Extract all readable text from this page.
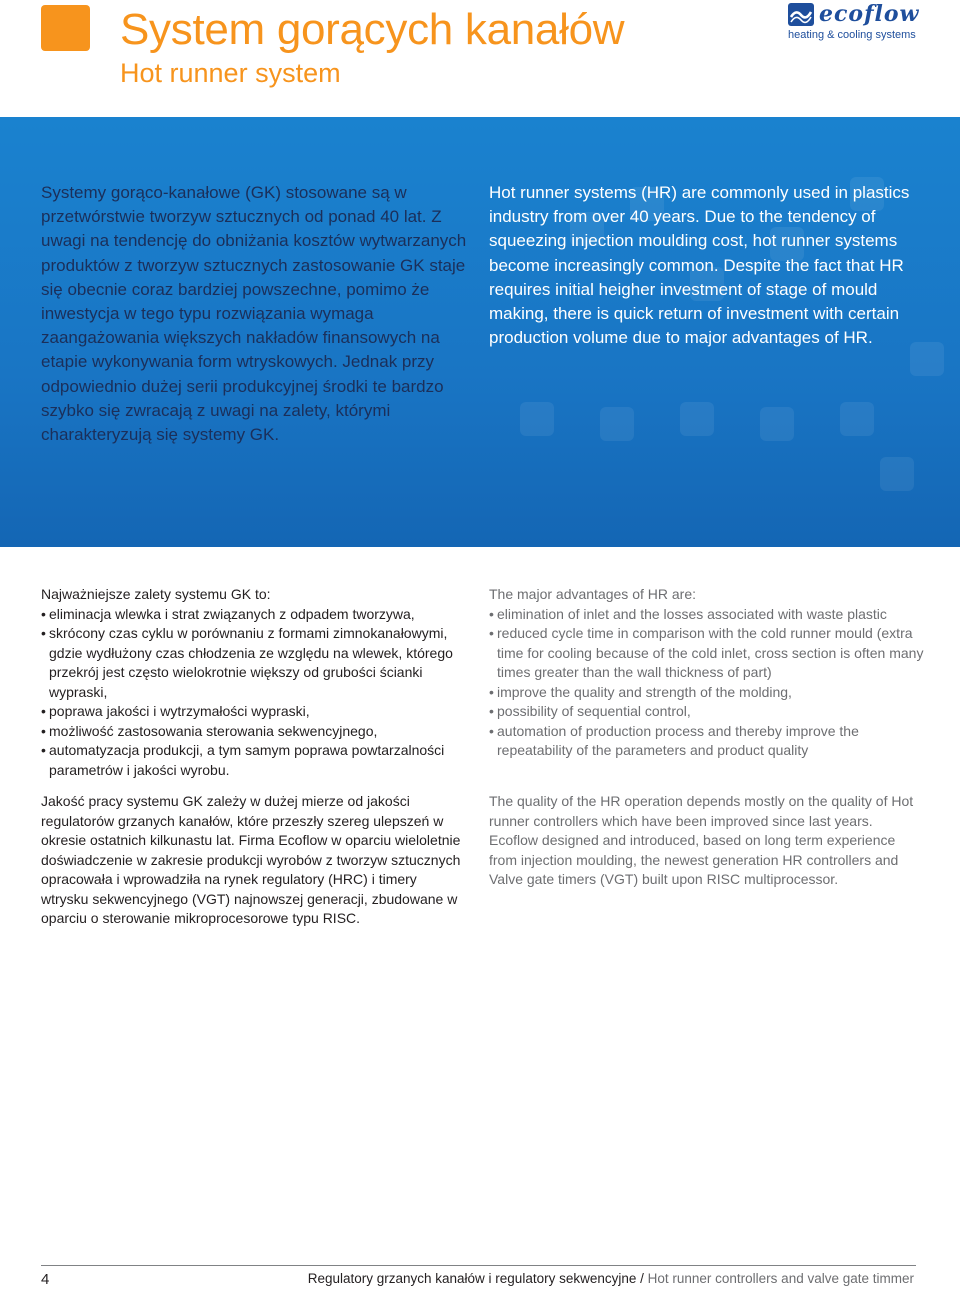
System gorących kanałów
Hot runner system
ecoflow
heating & cooling systems

Systemy gorąco-kanałowe (GK) stosowane są w przetwórstwie tworzyw sztucznych od ponad 40 lat. Z uwagi na tendencję do obniżania kosztów wytwarzanych produktów z tworzyw sztucznych zastosowanie GK staje się obecnie coraz bardziej powszechne, pomimo że inwestycja w tego typu rozwiązania wymaga zaangażowania większych nakładów finansowych na etapie wykonywania form wtryskowych. Jednak przy odpowiednio dużej serii produkcyjnej środki te bardzo szybko się zwracają z uwagi na zalety, którymi charakteryzują się systemy GK.

Hot runner systems (HR) are commonly used in plastics industry from over 40 years. Due to the tendency of squeezing injection moulding cost, hot runner systems become increasingly common. Despite the fact that HR requires initial heigher investment of stage of mould making, there is quick return of investment with certain production volume due to major advantages of HR.

Najważniejsze zalety systemu GK to:

• eliminacja wlewka i strat związanych z odpadem tworzywa,
• skrócony czas cyklu w porównaniu z formami zimnokanałowymi, gdzie wydłużony czas chłodzenia ze względu na wlewek, którego przekrój jest często wielokrotnie większy od grubości ścianki wypraski,
• poprawa jakości i wytrzymałości wypraski,
• możliwość zastosowania sterowania sekwencyjnego,
• automatyzacja produkcji, a tym samym poprawa powtarzalności parametrów i jakości wyrobu.

The major advantages of HR are:

• elimination of inlet and the losses associated with waste plastic
• reduced cycle time in comparison with the cold runner mould (extra time for cooling because of the cold inlet, cross section is often many times greater than the wall thickness of part)
• improve the quality and strength of the molding,
• possibility of sequential control,
• automation of production process and thereby improve the repeatability of the parameters and product quality

Jakość pracy systemu GK zależy w dużej mierze od jakości regulatorów grzanych kanałów, które przeszły szereg ulepszeń w okresie ostatnich kilkunastu lat. Firma Ecoflow w oparciu wieloletnie doświadczenie w zakresie produkcji wyrobów z tworzyw sztucznych opracowała i wprowadziła na rynek regulatory (HRC) i timery wtrysku sekwencyjnego (VGT) najnowszej generacji, zbudowane w oparciu o sterowanie mikroprocesorowe typu RISC.

The quality of the HR operation depends mostly on the quality of Hot runner controllers which have been improved since last years. Ecoflow designed and introduced, based on long term experience from injection moulding, the newest generation HR controllers and Valve gate timers (VGT) built upon RISC multiprocessor.

4	Regulatory grzanych kanałów i regulatory sekwencyjne / Hot runner controllers and valve gate timmer
